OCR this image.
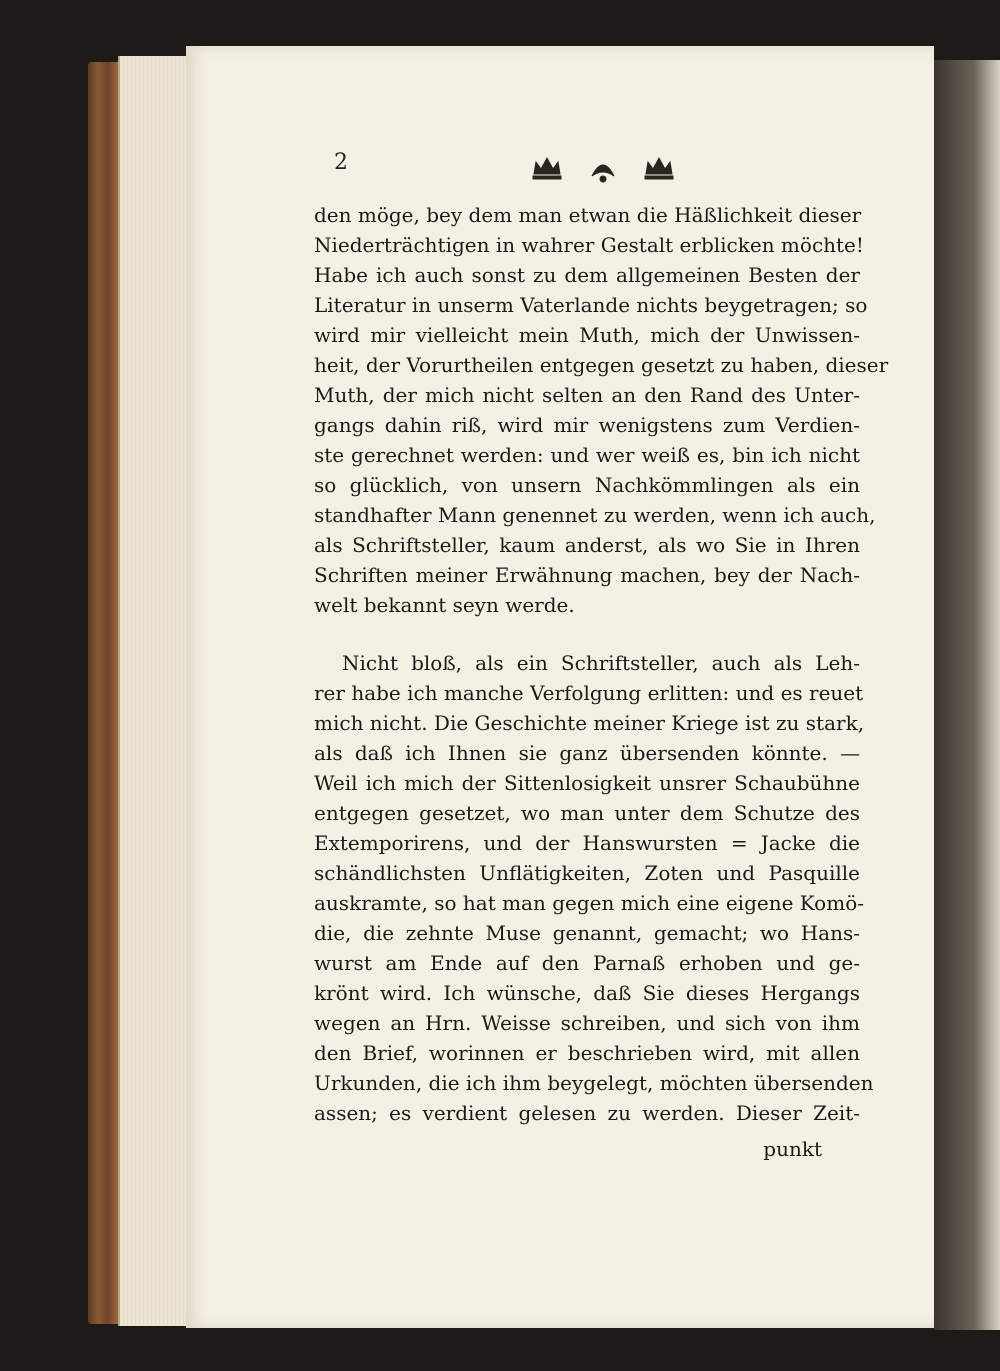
2
den möge, bey dem man etwan die Häßlichkeit dieser
Niederträchtigen in wahrer Gestalt erblicken möchte!
Habe ich auch sonst zu dem allgemeinen Besten der
Literatur in unserm Vaterlande nichts beygetragen; so
wird mir vielleicht mein Muth, mich der Unwissen-
heit, der Vorurtheilen entgegen gesetzt zu haben, dieser
Muth, der mich nicht selten an den Rand des Unter-
gangs dahin riß, wird mir wenigstens zum Verdien-
ste gerechnet werden: und wer weiß es, bin ich nicht
so glücklich, von unsern Nachkömmlingen als ein
standhafter Mann genennet zu werden, wenn ich auch,
als Schriftsteller, kaum anderst, als wo Sie in Ihren
Schriften meiner Erwähnung machen, bey der Nach-
welt bekannt seyn werde.
Nicht bloß, als ein Schriftsteller, auch als Leh-
rer habe ich manche Verfolgung erlitten: und es reuet
mich nicht. Die Geschichte meiner Kriege ist zu stark,
als daß ich Ihnen sie ganz übersenden könnte. —
Weil ich mich der Sittenlosigkeit unsrer Schaubühne
entgegen gesetzet, wo man unter dem Schutze des
Extemporirens, und der Hanswursten = Jacke die
schändlichsten Unflätigkeiten, Zoten und Pasquille
auskramte, so hat man gegen mich eine eigene Komö-
die, die zehnte Muse genannt, gemacht; wo Hans-
wurst am Ende auf den Parnaß erhoben und ge-
krönt wird. Ich wünsche, daß Sie dieses Hergangs
wegen an Hrn. Weisse schreiben, und sich von ihm
den Brief, worinnen er beschrieben wird, mit allen
Urkunden, die ich ihm beygelegt, möchten übersenden
assen; es verdient gelesen zu werden. Dieser Zeit-
punkt
